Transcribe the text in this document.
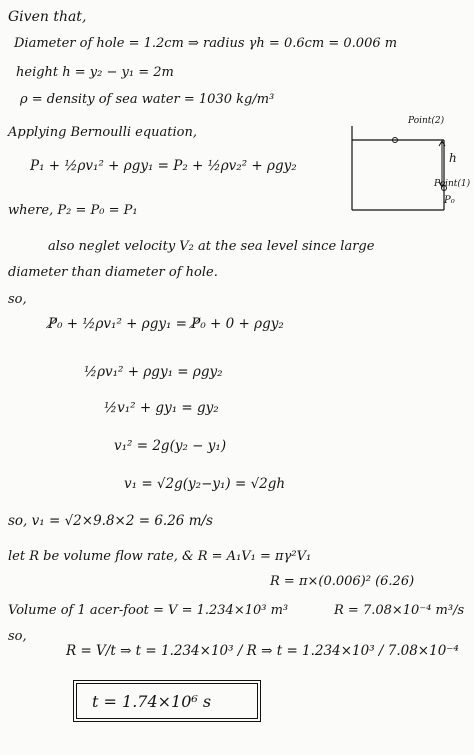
Given that,
Diameter of hole = 1.2cm ⇒ radius γh = 0.6cm = 0.006 m
height h = y₂ − y₁ = 2m
ρ = density of sea water = 1030 kg/m³
Applying Bernoulli equation,
P₁ + ½ρv₁² + ρgy₁ = P₂ + ½ρv₂² + ρgy₂
where, P₂ = P₀ = P₁
also neglet velocity V₂ at the sea level since large
diameter than diameter of hole.
so,
P̸₀ + ½ρv₁² + ρgy₁ = P̸₀ + 0 + ρgy₂
½ρv₁² + ρgy₁ = ρgy₂
½v₁² + gy₁ = gy₂
v₁² = 2g(y₂ − y₁)
v₁ = √2g(y₂−y₁) = √2gh
so, v₁ = √2×9.8×2 = 6.26 m/s
let R be volume flow rate, & R = A₁V₁ = πγ²V₁
R = π×(0.006)² (6.26)
Volume of 1 acer-foot = V = 1.234×10³ m³	R = 7.08×10⁻⁴ m³/s
so,
R = V/t ⇒ t = 1.234×10³ / R ⇒ t = 1.234×10³ / 7.08×10⁻⁴
t = 1.74×10⁶ s
Point(2)
h
Point(1)
P₀
